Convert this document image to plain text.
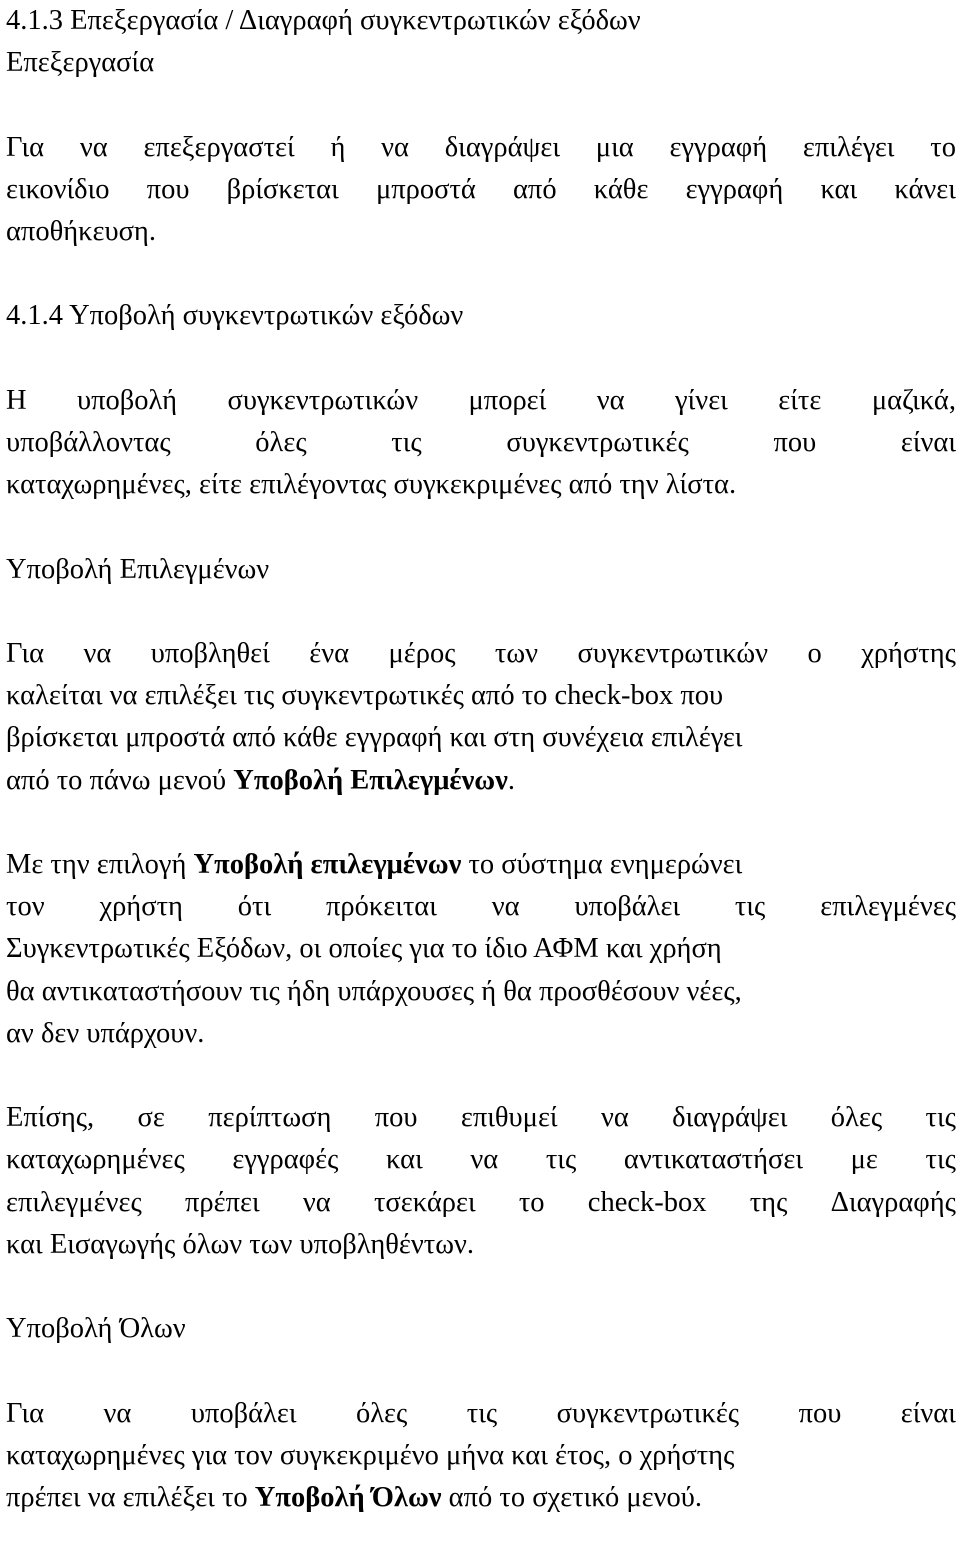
4.1.3 Επεξεργασία / Διαγραφή συγκεντρωτικών εξόδων
Επεξεργασία
Για να επεξεργαστεί ή να διαγράψει μια εγγραφή επιλέγει το
εικονίδιο που βρίσκεται μπροστά από κάθε εγγραφή και κάνει
αποθήκευση.
4.1.4 Υποβολή συγκεντρωτικών εξόδων
Η υποβολή συγκεντρωτικών μπορεί να γίνει είτε μαζικά,
υποβάλλοντας	όλες	τις	συγκεντρωτικές	που	είναι
καταχωρημένες, είτε επιλέγοντας συγκεκριμένες από την λίστα.
Υποβολή Επιλεγμένων
Για να υποβληθεί ένα μέρος των συγκεντρωτικών ο χρήστης
καλείται να επιλέξει τις συγκεντρωτικές από το check-box που
βρίσκεται μπροστά από κάθε εγγραφή και στη συνέχεια επιλέγει
από το πάνω μενού Υποβολή Επιλεγμένων.
Με την επιλογή Υποβολή επιλεγμένων το σύστημα ενημερώνει
τον χρήστη ότι πρόκειται να υποβάλει τις επιλεγμένες
Συγκεντρωτικές Εξόδων, οι οποίες για το ίδιο ΑΦΜ και χρήση
θα αντικαταστήσουν τις ήδη υπάρχουσες ή θα προσθέσουν νέες,
αν δεν υπάρχουν.
Επίσης, σε περίπτωση που επιθυμεί να διαγράψει όλες τις
καταχωρημένες εγγραφές και να τις αντικαταστήσει με τις
επιλεγμένες πρέπει να τσεκάρει το check-box της Διαγραφής
και Εισαγωγής όλων των υποβληθέντων.
Υποβολή Όλων
Για να υποβάλει όλες τις συγκεντρωτικές που είναι
καταχωρημένες για τον συγκεκριμένο μήνα και έτος, ο χρήστης
πρέπει να επιλέξει το Υποβολή Όλων από το σχετικό μενού.
